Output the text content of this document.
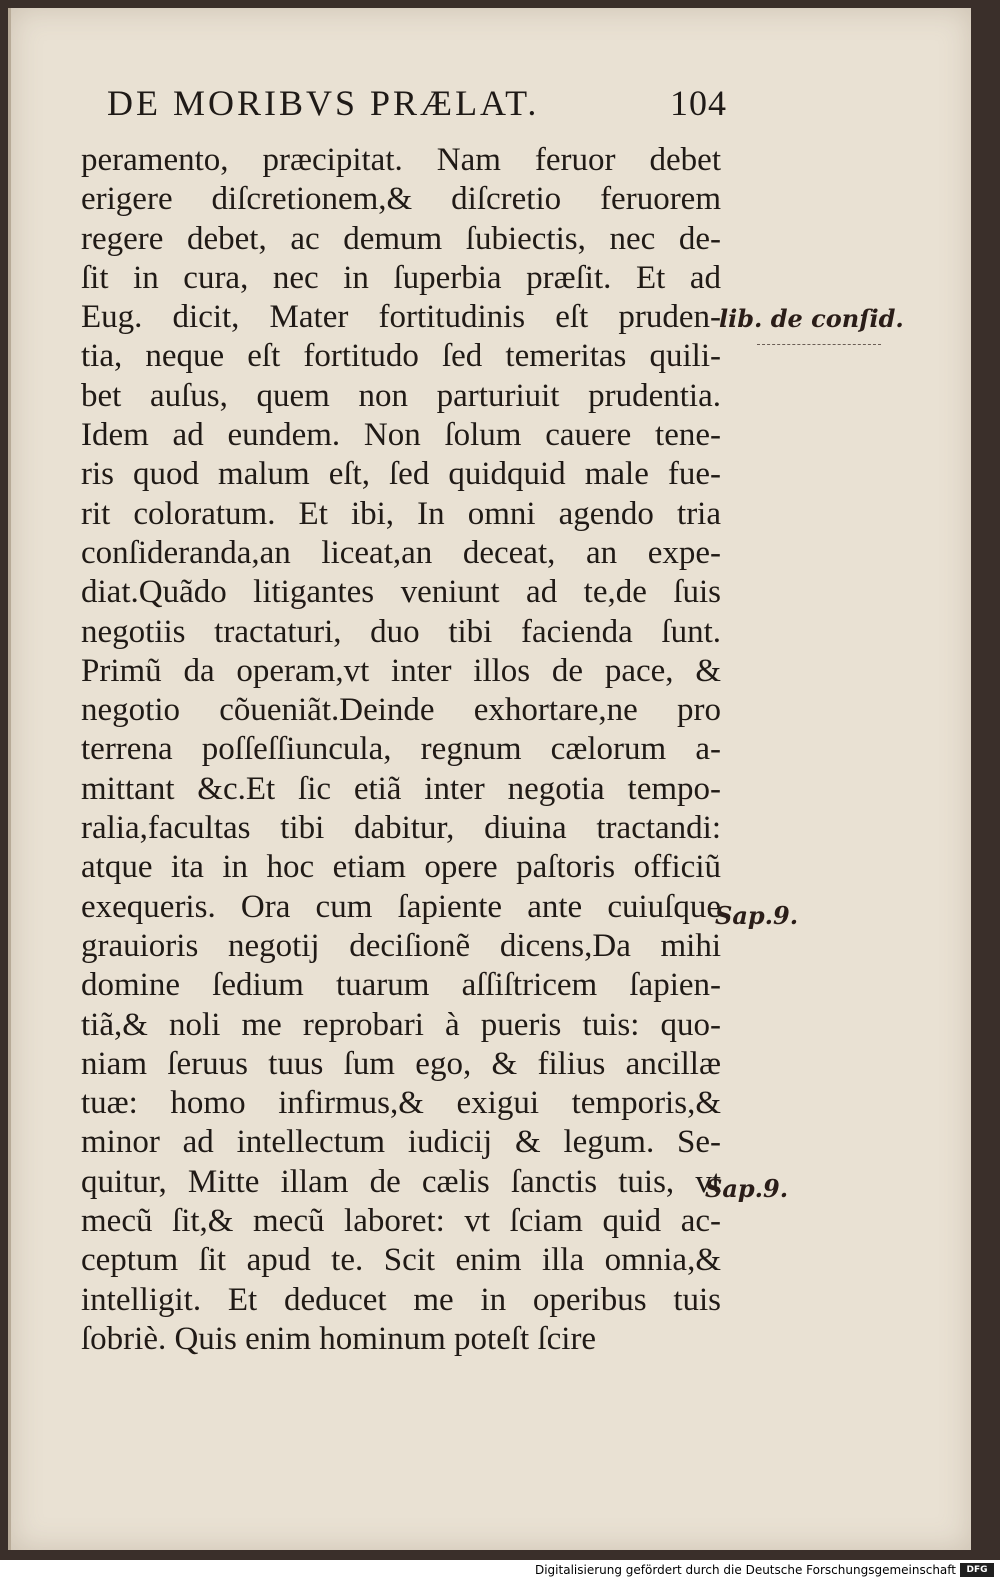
DE MORIBVS PRÆLAT.	104
peramento, præcipitat. Nam feruor debet
erigere diſcretionem,& diſcretio feruorem
regere debet, ac demum ſubiectis, nec de-
ſit in cura, nec in ſuperbia præſit. Et ad
Eug. dicit, Mater fortitudinis eſt pruden-
tia, neque eſt fortitudo ſed temeritas quili-
bet auſus, quem non parturiuit prudentia.
Idem ad eundem. Non ſolum cauere tene-
ris quod malum eſt, ſed quidquid male fue-
rit coloratum. Et ibi, In omni agendo tria
conſideranda,an liceat,an deceat, an expe-
diat.Quãdo litigantes veniunt ad te,de ſuis
negotiis tractaturi, duo tibi facienda ſunt.
Primũ da operam,vt inter illos de pace, &
negotio cõueniãt.Deinde exhortare,ne pro
terrena poſſeſſiuncula, regnum cælorum a-
mittant &c.Et ſic etiã inter negotia tempo-
ralia,facultas tibi dabitur, diuina tractandi:
atque ita in hoc etiam opere paſtoris officiũ
exequeris. Ora cum ſapiente ante cuiuſque
grauioris negotij deciſionẽ dicens,Da mihi
domine ſedium tuarum aſſiſtricem ſapien-
tiã,& noli me reprobari à pueris tuis: quo-
niam ſeruus tuus ſum ego, & filius ancillæ
tuæ: homo infirmus,& exigui temporis,&
minor ad intellectum iudicij & legum. Se-
quitur, Mitte illam de cælis ſanctis tuis, vt
mecũ ſit,& mecũ laboret: vt ſciam quid ac-
ceptum ſit apud te. Scit enim illa omnia,&
intelligit. Et deducet me in operibus tuis
ſobriè. Quis enim hominum poteſt ſcire
lib. de conſid.
Sap.9.
Sap.9.
Digitalisierung gefördert durch die Deutsche Forschungsgemeinschaft	DFG
